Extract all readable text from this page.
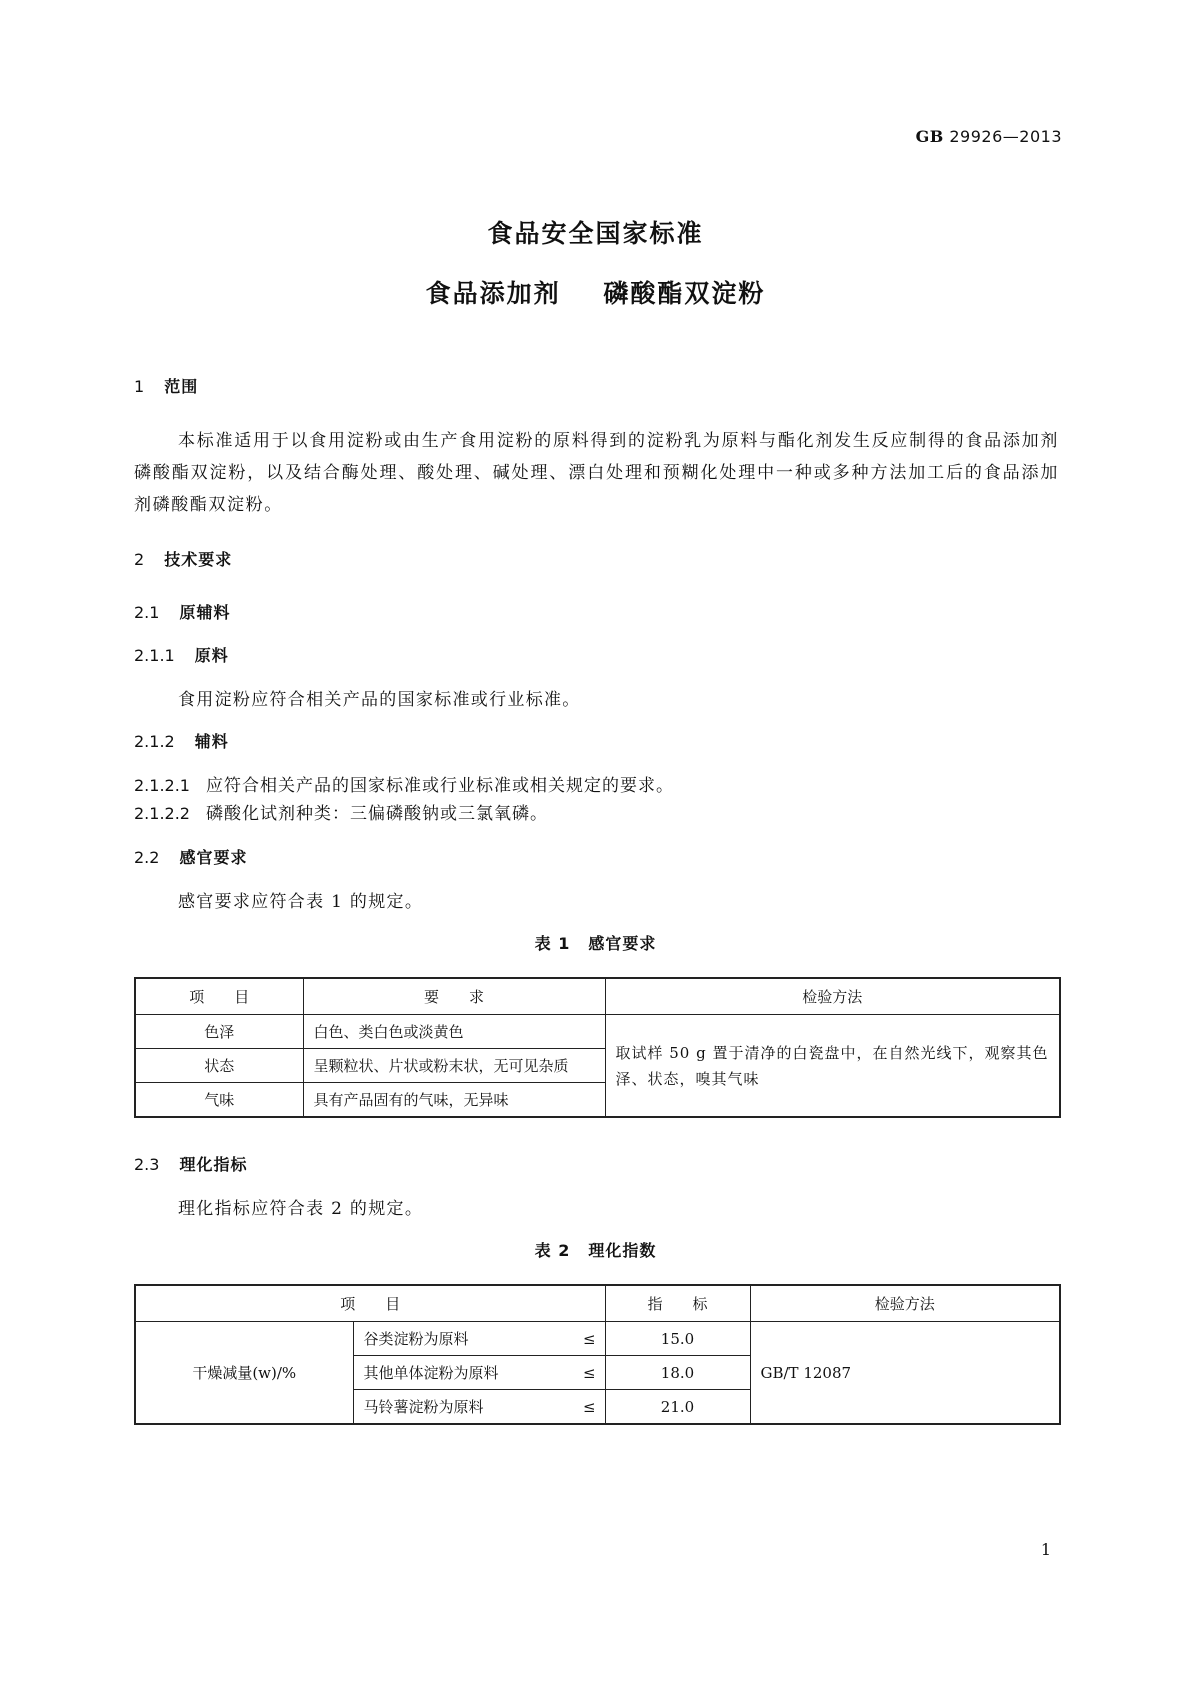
GB 29926—2013
食品安全国家标准
食品添加剂    磷酸酯双淀粉
1 范围
本标准适用于以食用淀粉或由生产食用淀粉的原料得到的淀粉乳为原料与酯化剂发生反应制得的食品添加剂磷酸酯双淀粉，以及结合酶处理、酸处理、碱处理、漂白处理和预糊化处理中一种或多种方法加工后的食品添加剂磷酸酯双淀粉。
2 技术要求
2.1 原辅料
2.1.1 原料
食用淀粉应符合相关产品的国家标准或行业标准。
2.1.2 辅料
2.1.2.1 应符合相关产品的国家标准或行业标准或相关规定的要求。
2.1.2.2 磷酸化试剂种类：三偏磷酸钠或三氯氧磷。
2.2 感官要求
感官要求应符合表 1 的规定。
表 1 感官要求
项　　目	要　　求	检验方法
色泽	白色、类白色或淡黄色	取试样 50 g 置于清净的白瓷盘中，在自然光线下，观察其色泽、状态，嗅其气味
状态	呈颗粒状、片状或粉末状，无可见杂质	
气味	具有产品固有的气味，无异味	
2.3 理化指标
理化指标应符合表 2 的规定。
表 2 理化指数
项　　目			指　　标	检验方法
干燥减量(w)/%	谷类淀粉为原料	≤	15.0	GB/T 12087
	其他单体淀粉为原料	≤	18.0	
	马铃薯淀粉为原料	≤	21.0	
1
